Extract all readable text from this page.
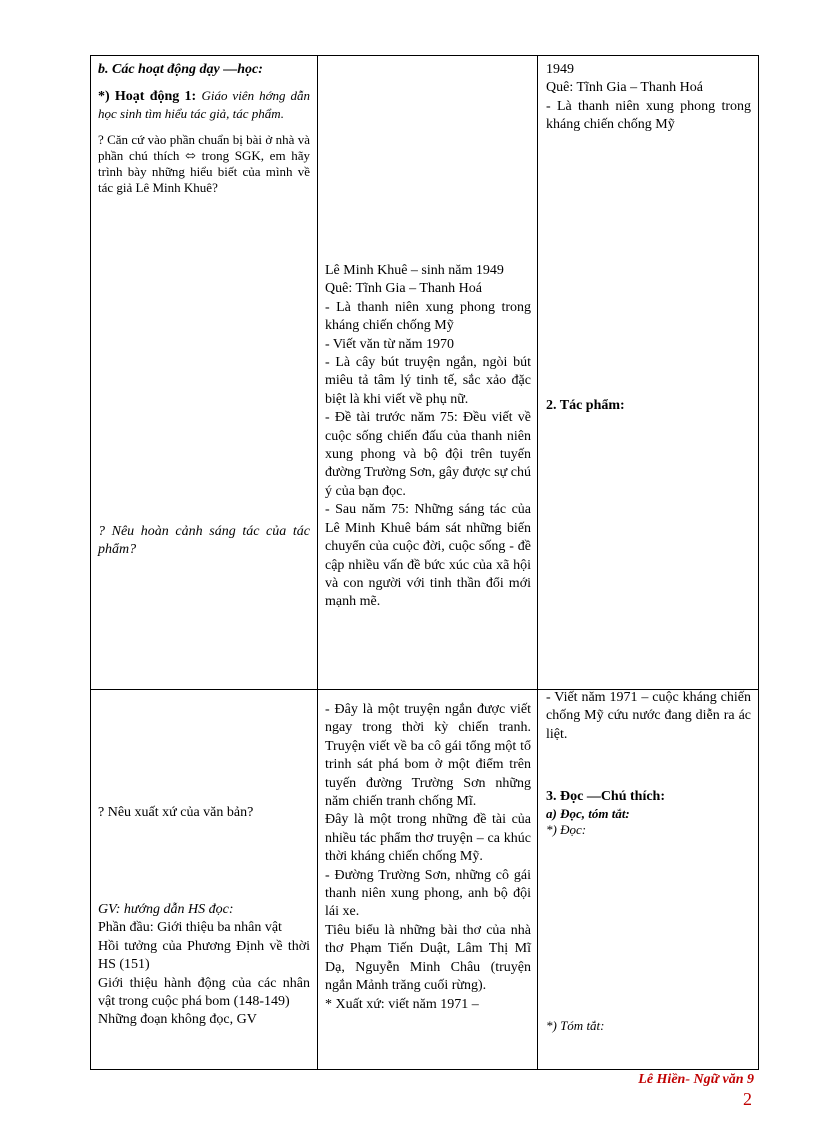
b. Các hoạt động dạy —học:

*) Hoạt động 1: Giáo viên hớng dẫn học sinh tìm hiểu tác giả, tác phẩm.

? Căn cứ vào phần chuẩn bị bài ở nhà và phần chú thích ⬄ trong SGK, em hãy trình bày những hiểu biết của mình về tác giả Lê Minh Khuê?

? Nêu hoàn cảnh sáng tác của tác phẩm?

? Nêu xuất xứ của văn bản?

GV: hướng dẫn HS đọc:

Phần đầu: Giới thiệu ba nhân vật

Hồi tưởng của Phương Định về thời HS (151)

Giới thiệu hành động của các nhân vật trong cuộc phá bom (148-149)

Những đoạn không đọc, GV

Lê Minh Khuê – sinh năm 1949

Quê: Tĩnh Gia – Thanh Hoá

- Là thanh niên xung phong trong kháng chiến chống Mỹ

- Viết văn từ năm 1970

- Là cây bút truyện ngắn, ngòi bút miêu tả tâm lý tinh tế, sắc xảo đặc biệt là khi viết về phụ nữ.

- Đề tài trước năm 75: Đều viết về cuộc sống chiến đấu của thanh niên xung phong và bộ đội trên tuyến đường Trường Sơn, gây được sự chú ý của bạn đọc.

- Sau năm 75: Những sáng tác của Lê Minh Khuê bám sát những biến chuyển của cuộc đời, cuộc sống - đề cập nhiều vấn đề bức xúc của xã hội và con người với tinh thần đổi mới mạnh mẽ.

- Đây là một truyện ngắn được viết ngay trong thời kỳ chiến tranh. Truyện viết về ba cô gái tổng một tổ trinh sát phá bom ở một điểm trên tuyến đường Trường Sơn những năm chiến tranh chống Mĩ.

Đây là một trong những đề tài của nhiều tác phẩm thơ truyện – ca khúc thời kháng chiến chống Mỹ.

- Đường Trường Sơn, những cô gái thanh niên xung phong, anh bộ đội lái xe.

Tiêu biểu là những bài thơ của nhà thơ Phạm Tiến Duật, Lâm Thị Mĩ Dạ, Nguyễn Minh Châu (truyện ngắn Mảnh trăng cuối rừng).

* Xuất xứ: viết năm 1971 –

1949

Quê: Tĩnh Gia – Thanh Hoá

- Là thanh niên xung phong trong kháng chiến chống Mỹ

2. Tác phẩm:

- Viết năm 1971 – cuộc kháng chiến chống Mỹ cứu nước đang diễn ra ác liệt.

3. Đọc —Chú thích:

a) Đọc, tóm tắt:

*) Đọc:

*) Tóm tắt:

Lê Hiền- Ngữ văn 9
2
